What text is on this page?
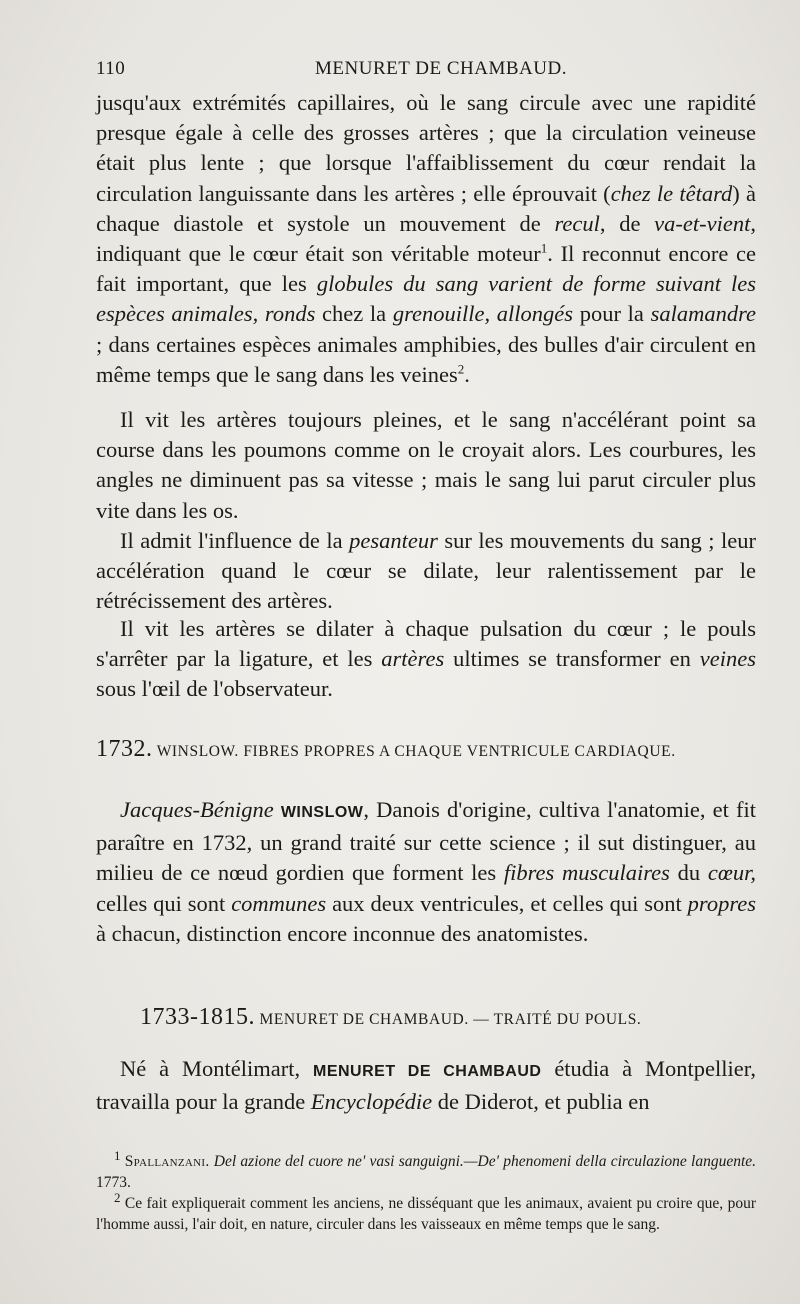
110	MENURET DE CHAMBAUD.

jusqu'aux extrémités capillaires, où le sang circule avec une rapidité presque égale à celle des grosses artères ; que la circulation veineuse était plus lente ; que lorsque l'affaiblissement du cœur rendait la circulation languissante dans les artères ; elle éprouvait (chez le têtard) à chaque diastole et systole un mouvement de recul, de va-et-vient, indiquant que le cœur était son véritable moteur$^1$. Il reconnut encore ce fait important, que les globules du sang varient de forme suivant les espèces animales, ronds chez la grenouille, allongés pour la salamandre ; dans certaines espèces animales amphibies, des bulles d'air circulent en même temps que le sang dans les veines$^2$.

Il vit les artères toujours pleines, et le sang n'accélérant point sa course dans les poumons comme on le croyait alors. Les courbures, les angles ne diminuent pas sa vitesse ; mais le sang lui parut circuler plus vite dans les os.

Il admit l'influence de la pesanteur sur les mouvements du sang ; leur accélération quand le cœur se dilate, leur ralentissement par le rétrécissement des artères.

Il vit les artères se dilater à chaque pulsation du cœur ; le pouls s'arrêter par la ligature, et les artères ultimes se transformer en veines sous l'œil de l'observateur.

1732. WINSLOW. FIBRES PROPRES A CHAQUE VENTRICULE CARDIAQUE.

Jacques-Bénigne WINSLOW, Danois d'origine, cultiva l'anatomie, et fit paraître en 1732, un grand traité sur cette science ; il sut distinguer, au milieu de ce nœud gordien que forment les fibres musculaires du cœur, celles qui sont communes aux deux ventricules, et celles qui sont propres à chacun, distinction encore inconnue des anatomistes.

1733-1815. MENURET DE CHAMBAUD. — TRAITÉ DU POULS.

Né à Montélimart, MENURET DE CHAMBAUD étudia à Montpellier, travailla pour la grande Encyclopédie de Diderot, et publia en

$^1$ Spallanzani. Del azione del cuore ne' vasi sanguigni.—De' phenomeni della circulazione languente. 1773.

$^2$ Ce fait expliquerait comment les anciens, ne disséquant que les animaux, avaient pu croire que, pour l'homme aussi, l'air doit, en nature, circuler dans les vaisseaux en même temps que le sang.
